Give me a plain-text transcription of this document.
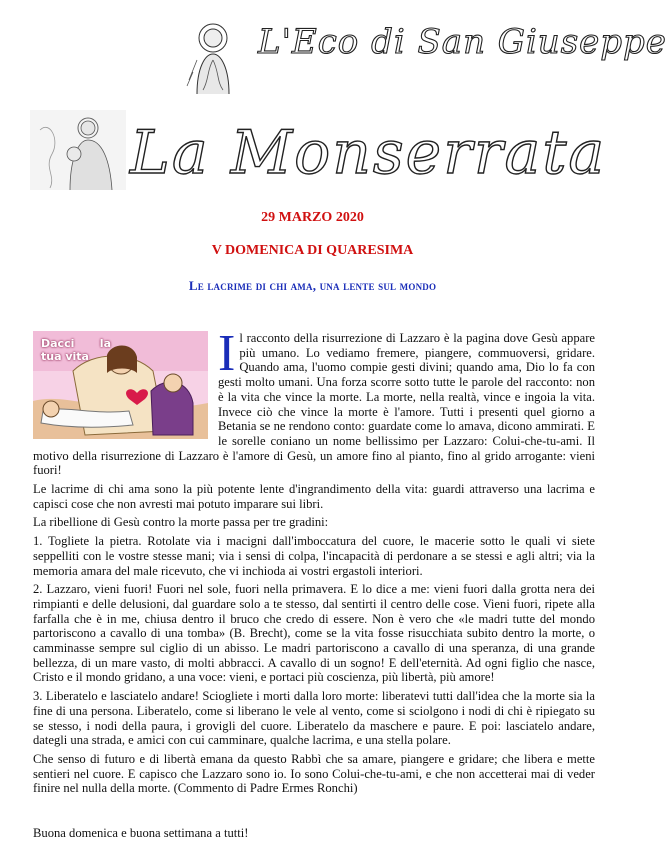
L'Eco di San Giuseppe
La Monserrata
29 MARZO 2020
V DOMENICA DI QUARESIMA
Le lacrime di chi ama, una lente sul mondo
Dacci la tua vita	I l racconto della risurrezione di Lazzaro è la pagina dove Gesù appare più umano. Lo vediamo fremere, piangere, commuoversi, gridare. Quando ama, l'uomo compie gesti divini; quando ama, Dio lo fa con gesti molto umani. Una forza scorre sotto tutte le parole del racconto: non è la vita che vince la morte. La morte, nella realtà, vince e ingoia la vita. Invece ciò che vince la morte è l'amore. Tutti i presenti quel giorno a Betania se ne rendono conto: guardate come lo amava, dicono ammirati. E le sorelle coniano un nome bellissimo per Lazzaro: Colui-che-tu-ami. Il motivo della risurrezione di Lazzaro è l'amore di Gesù, un amore fino al pianto, fino al grido arrogante: vieni fuori!

Le lacrime di chi ama sono la più potente lente d'ingrandimento della vita: guardi attraverso una lacrima e capisci cose che non avresti mai potuto imparare sui libri.

La ribellione di Gesù contro la morte passa per tre gradini:

1. Togliete la pietra. Rotolate via i macigni dall'imboccatura del cuore, le macerie sotto le quali vi siete seppelliti con le vostre stesse mani; via i sensi di colpa, l'incapacità di perdonare a se stessi e agli altri; via la memoria amara del male ricevuto, che vi inchioda ai vostri ergastoli interiori.

2. Lazzaro, vieni fuori! Fuori nel sole, fuori nella primavera. E lo dice a me: vieni fuori dalla grotta nera dei rimpianti e delle delusioni, dal guardare solo a te stesso, dal sentirti il centro delle cose. Vieni fuori, ripete alla farfalla che è in me, chiusa dentro il bruco che credo di essere. Non è vero che «le madri tutte del mondo partoriscono a cavallo di una tomba» (B. Brecht), come se la vita fosse risucchiata subito dentro la morte, o camminasse sempre sul ciglio di un abisso. Le madri partoriscono a cavallo di una speranza, di una grande bellezza, di un mare vasto, di molti abbracci. A cavallo di un sogno! E dell'eternità. Ad ogni figlio che nasce, Cristo e il mondo gridano, a una voce: vieni, e portaci più coscienza, più libertà, più amore!

3. Liberatelo e lasciatelo andare! Sciogliete i morti dalla loro morte: liberatevi tutti dall'idea che la morte sia la fine di una persona. Liberatelo, come si liberano le vele al vento, come si sciolgono i nodi di chi è ripiegato su se stesso, i nodi della paura, i grovigli del cuore. Liberatelo da maschere e paure. E poi: lasciatelo andare, dategli una strada, e amici con cui camminare, qualche lacrima, e una stella polare.

Che senso di futuro e di libertà emana da questo Rabbì che sa amare, piangere e gridare; che libera e mette sentieri nel cuore. E capisco che Lazzaro sono io. Io sono Colui-che-tu-ami, e che non accetterai mai di veder finire nel nulla della morte. (Commento di Padre Ermes Ronchi)

Buona domenica e buona settimana a tutti!
